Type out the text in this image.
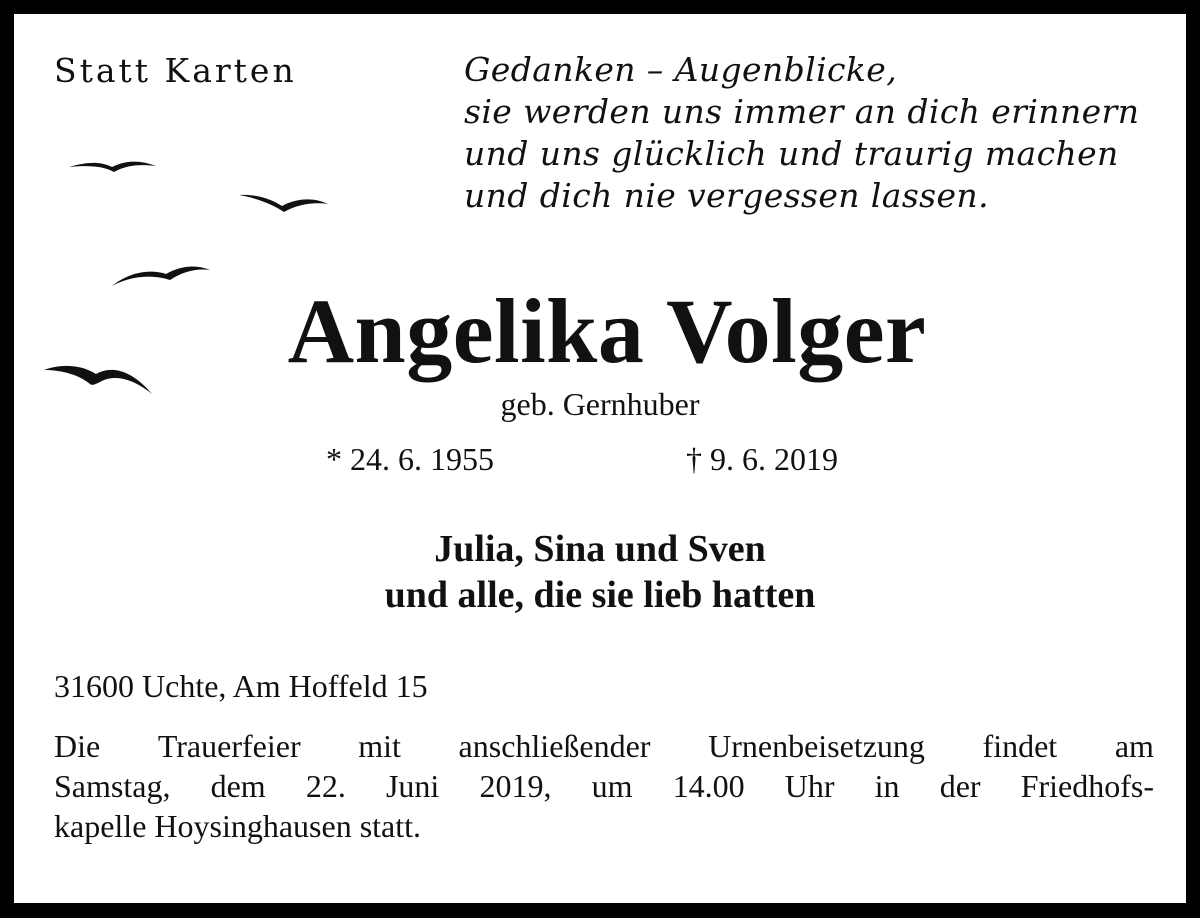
Statt Karten	Gedanken – Augenblicke,
sie werden uns immer an dich erinnern
und uns glücklich und traurig machen
und dich nie vergessen lassen.
Angelika Volger
geb. Gernhuber
* 24. 6. 1955	† 9. 6. 2019
Julia, Sina und Sven
und alle, die sie lieb hatten
31600 Uchte, Am Hoffeld 15
Die Trauerfeier mit anschließender Urnenbeisetzung findet am
Samstag, dem 22. Juni 2019, um 14.00 Uhr in der Friedhofs-
kapelle Hoysinghausen statt.
